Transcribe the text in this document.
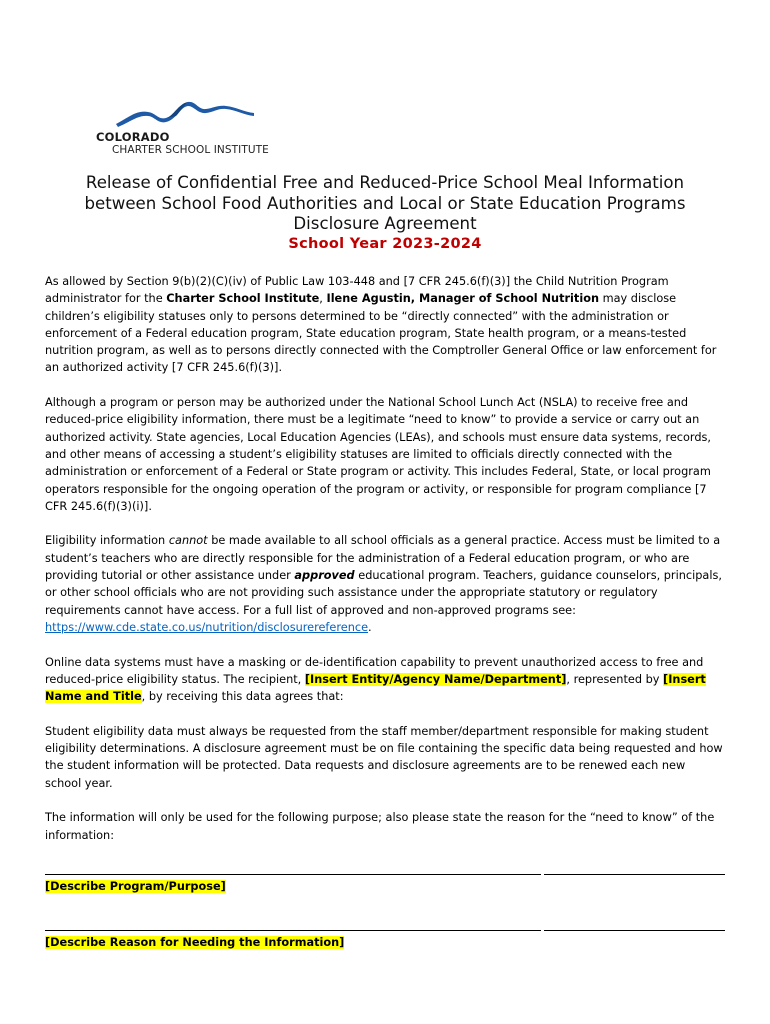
COLORADO
CHARTER SCHOOL INSTITUTE
Release of Confidential Free and Reduced-Price School Meal Information
between School Food Authorities and Local or State Education Programs
Disclosure Agreement
School Year 2023-2024

As allowed by Section 9(b)(2)(C)(iv) of Public Law 103-448 and [7 CFR 245.6(f)(3)] the Child Nutrition Program administrator for the Charter School Institute, Ilene Agustin, Manager of School Nutrition may disclose children’s eligibility statuses only to persons determined to be “directly connected” with the administration or enforcement of a Federal education program, State education program, State health program, or a means-tested nutrition program, as well as to persons directly connected with the Comptroller General Office or law enforcement for an authorized activity [7 CFR 245.6(f)(3)].

Although a program or person may be authorized under the National School Lunch Act (NSLA) to receive free and reduced-price eligibility information, there must be a legitimate “need to know” to provide a service or carry out an authorized activity. State agencies, Local Education Agencies (LEAs), and schools must ensure data systems, records, and other means of accessing a student’s eligibility statuses are limited to officials directly connected with the administration or enforcement of a Federal or State program or activity. This includes Federal, State, or local program operators responsible for the ongoing operation of the program or activity, or responsible for program compliance [7 CFR 245.6(f)(3)(i)].

Eligibility information cannot be made available to all school officials as a general practice. Access must be limited to a student’s teachers who are directly responsible for the administration of a Federal education program, or who are providing tutorial or other assistance under approved educational program. Teachers, guidance counselors, principals, or other school officials who are not providing such assistance under the appropriate statutory or regulatory requirements cannot have access. For a full list of approved and non-approved programs see: https://www.cde.state.co.us/nutrition/disclosurereference.

Online data systems must have a masking or de-identification capability to prevent unauthorized access to free and reduced-price eligibility status. The recipient, [Insert Entity/Agency Name/Department], represented by [Insert Name and Title, by receiving this data agrees that:

Student eligibility data must always be requested from the staff member/department responsible for making student eligibility determinations. A disclosure agreement must be on file containing the specific data being requested and how the student information will be protected. Data requests and disclosure agreements are to be renewed each new school year.

The information will only be used for the following purpose; also please state the reason for the “need to know” of the information:

[Describe Program/Purpose]

[Describe Reason for Needing the Information]
